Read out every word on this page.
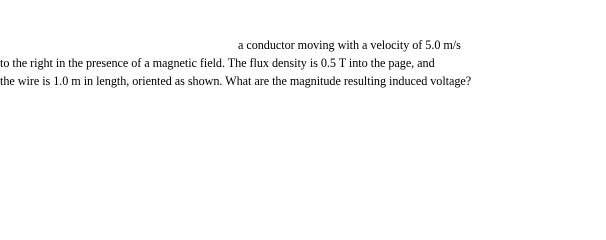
a conductor moving with a velocity of 5.0 m/s
to the right in the presence of a magnetic field. The flux density is 0.5 T into the page, and
the wire is 1.0 m in length, oriented as shown. What are the magnitude resulting induced voltage?
